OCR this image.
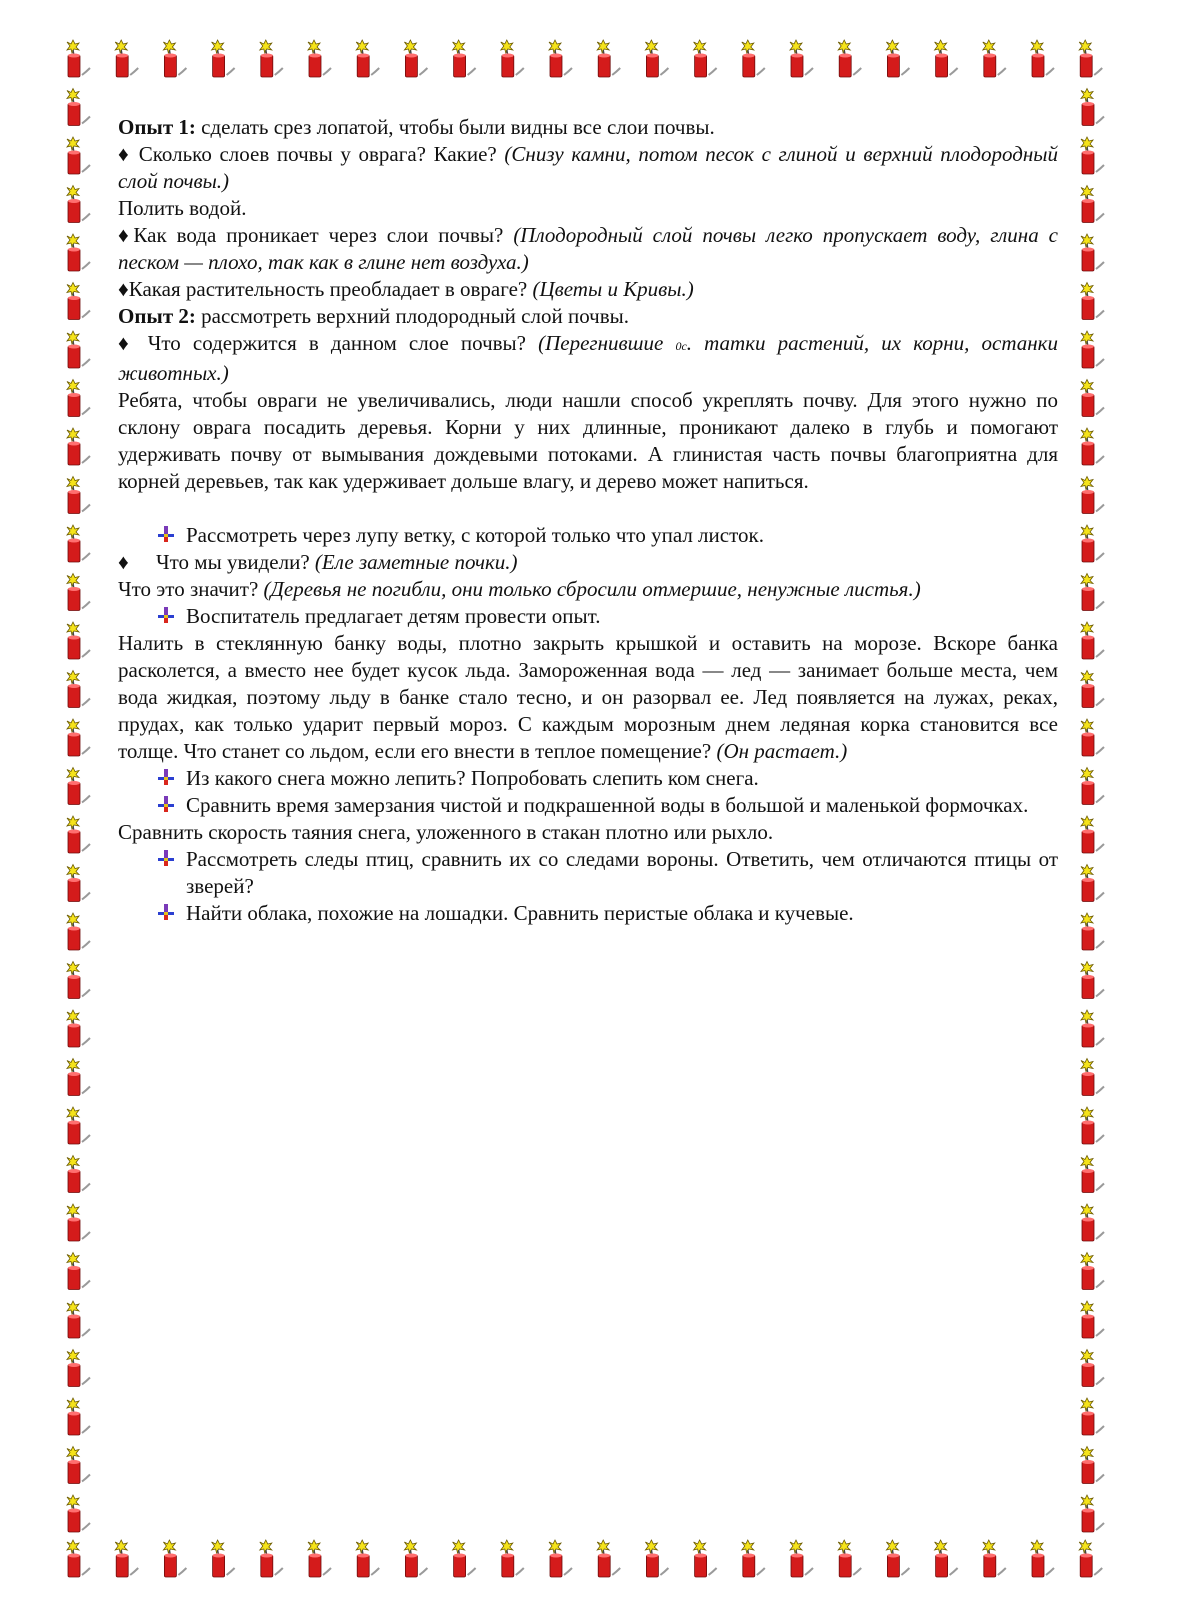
Опыт 1: сделать срез лопатой, чтобы были видны все слои почвы.

♦ Сколько слоев почвы у оврага? Какие? (Снизу камни, потом песок с глиной и верхний плодородный слой почвы.)

Полить водой.

♦Как вода проникает через слои почвы? (Плодородный слой почвы легко пропускает воду, глина с песком — плохо, так как в глине нет воздуха.)

♦Какая растительность преобладает в овраге? (Цветы и Кривы.)

Опыт 2: рассмотреть верхний плодородный слой почвы.

♦ Что содержится в данном слое почвы? (Перегнившие 0с. татки растений, их корни, останки животных.)

Ребята, чтобы овраги не увеличивались, люди нашли способ укреплять почву. Для этого нужно по склону оврага посадить деревья. Корни у них длинные, проникают далеко в глубь и помогают удерживать почву от вымывания дождевыми потоками. А глинистая часть почвы благоприятна для корней деревьев, так как удерживает дольше влагу, и дерево может напиться.

Рассмотреть через лупу ветку, с которой только что упал листок.
♦	Что мы увидели? (Еле заметные почки.)

Что это значит? (Деревья не погибли, они только сбросили отмершие, ненужные листья.)

Воспитатель предлагает детям провести опыт.

Налить в стеклянную банку воды, плотно закрыть крышкой и оставить на морозе. Вскоре банка расколется, а вместо нее будет кусок льда. Замороженная вода — лед — занимает больше места, чем вода жидкая, поэтому льду в банке стало тесно, и он разорвал ее. Лед появляется на лужах, реках, прудах, как только ударит первый мороз. С каждым морозным днем ледяная корка становится все толще. Что станет со льдом, если его внести в теплое помещение? (Он растает.)

Из какого снега можно лепить? Попробовать слепить ком снега.
Сравнить время замерзания чистой и подкрашенной воды в большой и маленькой формочках.

Сравнить скорость таяния снега, уложенного в стакан плотно или рыхло.

Рассмотреть следы птиц, сравнить их со следами вороны. Ответить, чем отличаются птицы от зверей?
Найти облака, похожие на лошадки. Сравнить перистые облака и кучевые.
